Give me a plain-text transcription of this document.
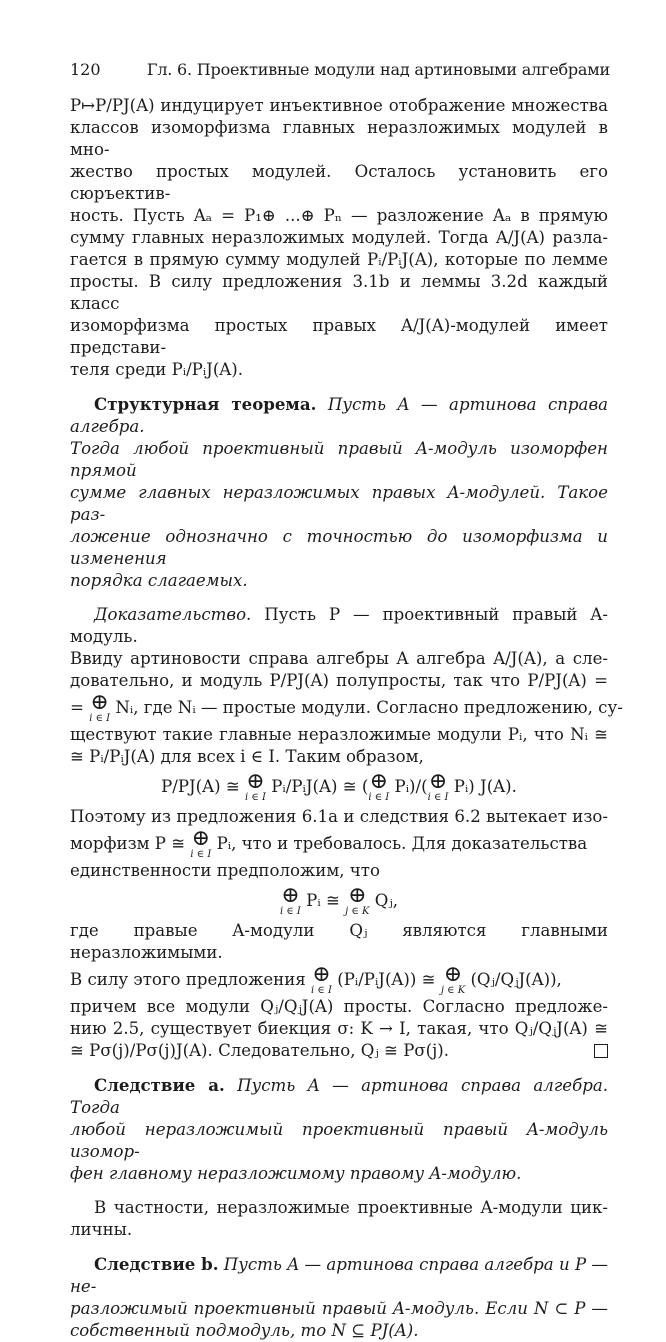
120	Гл. 6. Проективные модули над артиновыми алгебрами
P↦P/PJ(A) индуцирует инъективное отображение множества
классов изоморфизма главных неразложимых модулей в мно-
жество простых модулей. Осталось установить его сюръектив-
ность. Пусть Aₐ = P₁⊕ ...⊕ Pₙ — разложение Aₐ в прямую
сумму главных неразложимых модулей. Тогда A/J(A) разла-
гается в прямую сумму модулей Pᵢ/PᵢJ(A), которые по лемме
просты. В силу предложения 3.1b и леммы 3.2d каждый класс
изоморфизма простых правых A/J(A)-модулей имеет представи-
теля среди Pᵢ/PᵢJ(A).
Структурная теорема. Пусть A — артинова справа алгебра.
Тогда любой проективный правый A-модуль изоморфен прямой
сумме главных неразложимых правых A-модулей. Такое раз-
ложение однозначно с точностью до изоморфизма и изменения
порядка слагаемых.
Доказательство. Пусть P — проективный правый A-модуль.
Ввиду артиновости справа алгебры A алгебра A/J(A), а сле-
довательно, и модуль P/PJ(A) полупросты, так что P/PJ(A) =
= ⊕
i ∈ I
Nᵢ, где Nᵢ — простые модули. Согласно предложению, су-
ществуют такие главные неразложимые модули Pᵢ, что Nᵢ ≅
≅ Pᵢ/PᵢJ(A) для всех i ∈ I. Таким образом,
P/PJ(A) ≅ ⊕
i ∈ I
Pᵢ/PᵢJ(A) ≅ ( ⊕
i ∈ I
Pᵢ)/( ⊕
i ∈ I
Pᵢ) J(A).
Поэтому из предложения 6.1a и следствия 6.2 вытекает изо-
морфизм P ≅ ⊕
i ∈ I
Pᵢ, что и требовалось. Для доказательства
единственности предположим, что
⊕
i ∈ I
Pᵢ ≅ ⊕
j ∈ K
Qⱼ,
где правые A-модули Qⱼ являются главными неразложимыми.
В силу этого предложения ⊕
i ∈ I
(Pᵢ/PᵢJ(A)) ≅ ⊕
j ∈ K
(Qⱼ/QⱼJ(A)),
причем все модули Qⱼ/QⱼJ(A) просты. Согласно предложе-
нию 2.5, существует биекция σ: K → I, такая, что Qⱼ/QⱼJ(A) ≅
≅ Pσ(j)/Pσ(j)J(A). Следовательно, Qⱼ ≅ Pσ(j).
Следствие a. Пусть A — артинова справа алгебра. Тогда
любой неразложимый проективный правый A-модуль изомор-
фен главному неразложимому правому A-модулю.
В частности, неразложимые проективные A-модули цик-
личны.
Следствие b. Пусть A — артинова справа алгебра и P — не-
разложимый проективный правый A-модуль. Если N ⊂ P —
собственный подмодуль, то N ⊆ PJ(A).
